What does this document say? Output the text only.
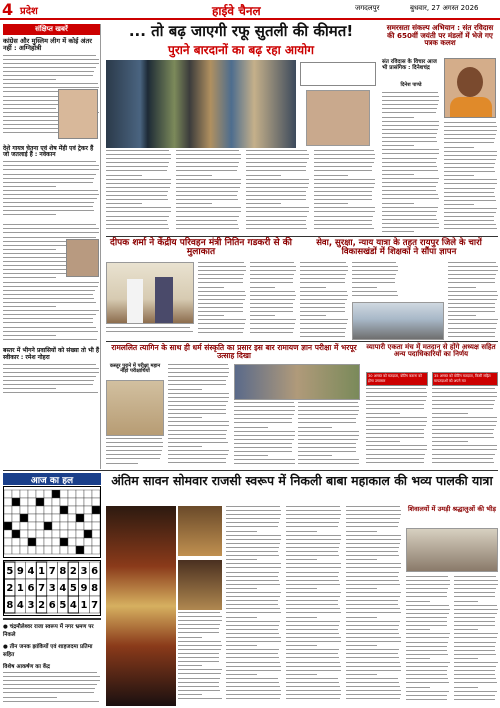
4 प्रदेश	हाईवे चैनल	जगदलपुर	बुधवार, 27 अगस्त 2026
संक्षिप्त खबरें
कांग्रेस और मुस्लिम लीग में कोई अंतर नहीं : अग्निहोत्री
देशे गायत्र चेतना एवं शेष मेंही एवं ट्रेकर हैं जो जतलाई हैं : नवेकान
बस्तर में भीगने प्रवासियों को संख्या तो भी हैं स्वीकार : रमेश नोहरा
... तो बढ़ जाएगी रफू सुतली की कीमत!
पुराने बारदानों का बढ़ रहा आयोग
समरसता संकल्प अभियान : संत रविदास की 650वीं जयंती पर मंडलों में भेजे गए पत्रक कलश
संत रविदास के विचार आज भी प्रासंगिक : दिनेशचंद्र
दिनेश पाण्डे
दीपक शर्मा ने केंद्रीय परिवहन मंत्री नितिन गडकरी से की मुलाकात
सेवा, सुरक्षा, न्याय यात्रा के तहत रायपुर जिले के चारों विकासखंडों में शिक्षकों ने सौंपा ज्ञापन
रामललित त्यागिन के साथ ही धर्म संस्कृति का प्रसार इस बार रामायण ज्ञान परीक्षा में भरपूर उत्साह दिखा
कस्तूर पुराने में परीक्षा महान नीड़ो परीक्षार्थियों
व्यापारी एकता मंच में मतदान से होंगे अध्यक्ष सहित अन्य पदाधिकारियों का निर्णय
30 अगस्त को मतदाता, वोटिंग कराना को होगा उच्चसार
35 अगस्त को वोटिंग मतदाता, किसी सहित मापतदाओं को अपने मत
आज का हल
5 9 4 1 7 8 2 3 6
2 1 6 7 3 4 5 9 8
8 4 3 2 6 5 4 1 7
अंतिम सावन सोमवार राजसी स्वरूप में निकली बाबा महाकाल की भव्य पालकी यात्रा
● चंद्रमौलेश्वर राजा स्वरूप में नगर भ्रमण पर निकले
● तीन जनक झांकियों एवं शाहजदमा प्रतिमा सहित
विशेष आकर्षण का केंद्र
शिवालयों में उमड़ी श्रद्धालुओं की भीड़
